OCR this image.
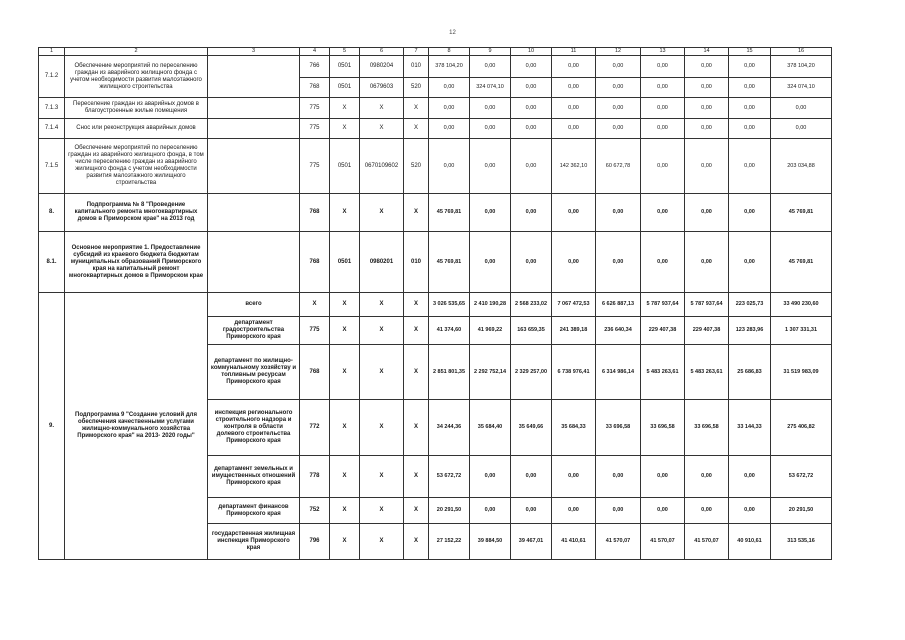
12
1	2	3	4	5	6	7	8	9	10	11	12	13	14	15	16
7.1.2	Обеспечение мероприятий по переселению граждан из аварийного жилищного фонда с учетом необходимости развития малоэтажного жилищного строительства		766	0501	0980204	010	378 104,20	0,00	0,00	0,00	0,00	0,00	0,00	0,00	378 104,20
			768	0501	0679603	520	0,00	324 074,10	0,00	0,00	0,00	0,00	0,00	0,00	324 074,10
7.1.3	Переселение граждан из аварийных домов в благоустроенные жилые помещения		775	X	X	X	0,00	0,00	0,00	0,00	0,00	0,00	0,00	0,00	0,00
7.1.4	Снос или реконструкция аварийных домов		775	X	X	X	0,00	0,00	0,00	0,00	0,00	0,00	0,00	0,00	0,00
7.1.5	Обеспечение мероприятий по переселению граждан из аварийного жилищного фонда, в том числе переселению граждан из аварийного жилищного фонда с учетом необходимости развития малоэтажного жилищного строительства		775	0501	0670109602	520	0,00	0,00	0,00	142 362,10	60 672,78	0,00	0,00	0,00	203 034,88
8.	Подпрограмма № 8 "Проведение капитального ремонта многоквартирных домов в Приморском крае" на 2013 год		768	X	X	X	45 769,81	0,00	0,00	0,00	0,00	0,00	0,00	0,00	45 769,81
8.1.	Основное мероприятие 1. Предоставление субсидий из краевого бюджета бюджетам муниципальных образований Приморского края на капитальный ремонт многоквартирных домов в Приморском крае		768	0501	0980201	010	45 769,81	0,00	0,00	0,00	0,00	0,00	0,00	0,00	45 769,81
9.	Подпрограмма 9 "Создание условий для обеспечения качественными услугами жилищно-коммунального хозяйства Приморского края" на 2013- 2020 годы"	всего	X	X	X	X	3 026 535,65	2 410 190,28	2 568 233,02	7 067 472,53	6 626 887,13	5 787 937,64	5 787 937,64	223 025,73	33 490 230,60
		департамент градостроительства Приморского края	775	X	X	X	41 374,60	41 969,22	163 659,35	241 389,18	236 640,34	229 407,38	229 407,38	123 283,96	1 307 331,31
		департамент по жилищно-коммунальному хозяйству и топливным ресурсам Приморского края	768	X	X	X	2 851 801,35	2 292 752,14	2 329 257,00	6 738 976,41	6 314 986,14	5 483 263,61	5 483 263,61	25 686,83	31 519 983,09
		инспекция регионального строительного надзора и контроля в области долевого строительства Приморского края	772	X	X	X	34 244,36	35 684,40	35 649,66	35 684,33	33 696,58	33 696,58	33 696,58	33 144,33	275 406,82
		департамент земельных и имущественных отношений Приморского края	778	X	X	X	53 672,72	0,00	0,00	0,00	0,00	0,00	0,00	0,00	53 672,72
		департамент финансов Приморского края	752	X	X	X	20 291,50	0,00	0,00	0,00	0,00	0,00	0,00	0,00	20 291,50
		государственная жилищная инспекция Приморского края	796	X	X	X	27 152,22	39 884,50	39 467,01	41 410,61	41 570,07	41 570,07	41 570,07	40 910,61	313 535,16
